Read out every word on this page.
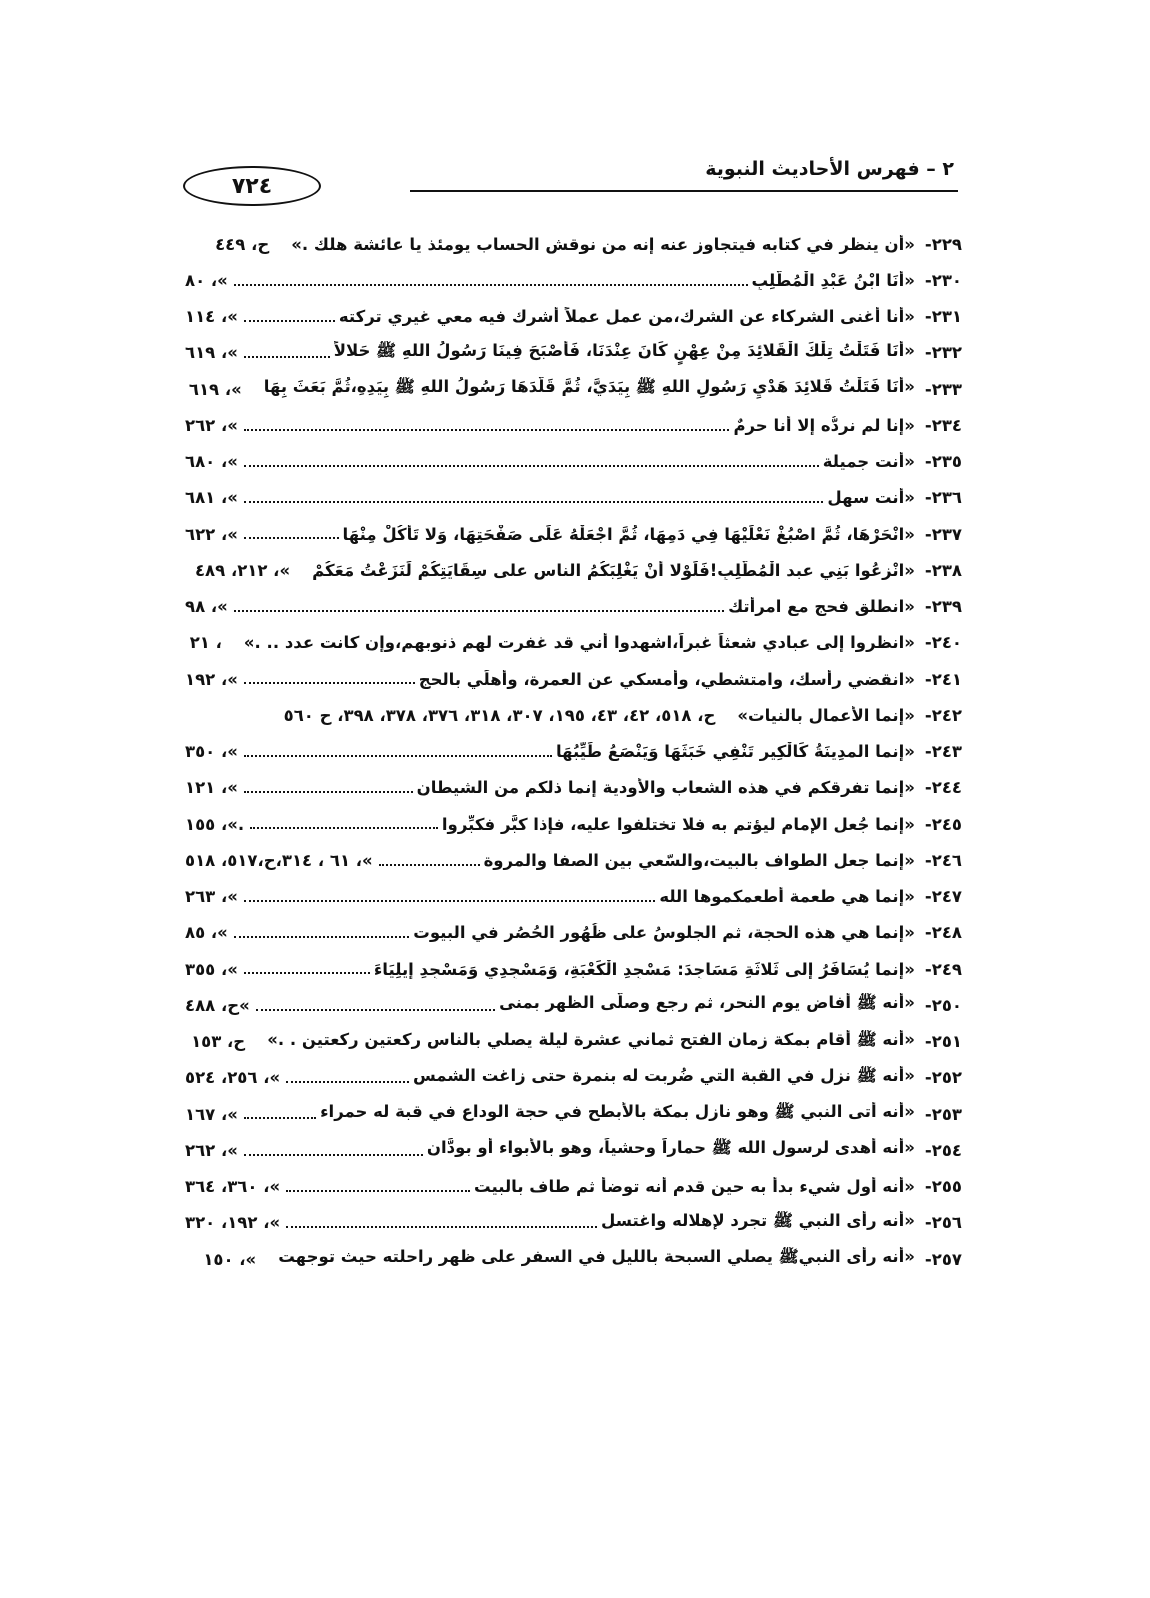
٢ – فهرس الأحاديث النبوية
٧٢٤
٢٢٩-
«أن ينظر في كتابه فيتجاوز عنه إنه من نوقش الحساب يومئذ يا عائشة هلك .»
ح، ٤٤٩
٢٣٠-
«أَنَا ابْنُ عَبْدِ الْمُطَّلِبِ
»، ٨٠
٢٣١-
«أنا أغنى الشركاء عن الشرك،من عمل عملاً أشرك فيه معي غيري تركته
»، ١١٤
٢٣٢-
«أَنَا فَتَلْتُ تِلْكَ الْقَلائِدَ مِنْ عِهْنٍ كَانَ عِنْدَنَا، فَأَصْبَحَ فِينَا رَسُولُ اللهِ ﷺ حَلالاً
»، ٦١٩
٢٣٣-
«أَنَا فَتَلْتُ قَلائِدَ هَدْيِ رَسُولِ اللهِ ﷺ بِيَدَيَّ، ثُمَّ قَلَّدَهَا رَسُولُ اللهِ ﷺ بِيَدِهِ،ثُمَّ بَعَثَ بِهَا
»، ٦١٩
٢٣٤-
«إنا لم نردُّه إلا أنا حرمٌ
»، ٢٦٢
٢٣٥-
«أنت جميلة
»، ٦٨٠
٢٣٦-
«أنت سهل
»، ٦٨١
٢٣٧-
«انْحَرْهَا، ثُمَّ اصْبُغْ نَعْلَيْهَا فِي دَمِهَا، ثُمَّ اجْعَلْهُ عَلَى صَفْحَتِهَا، وَلا تَأْكُلْ مِنْهَا
»، ٦٢٢
٢٣٨-
«انْزِعُوا بَنِي عبد الْمُطَّلِبِ!فَلَوْلا أَنْ يَغْلِبَكُمُ الناس على سِقَايَتِكُمْ لَنَزَعْتُ مَعَكُمْ
»، ٢١٢، ٤٨٩
٢٣٩-
«انطلق فحج مع امرأتك
»، ٩٨
٢٤٠-
«انظروا إلى عبادي شعثاً غبراً،اشهدوا أني قد غفرت لهم ذنوبهم،وإن كانت عدد .. .»
، ٢١
٢٤١-
«انقضي رأسك، وامتشطي، وأمسكي عن العمرة، وأهلِّي بالحج
»، ١٩٢
٢٤٢-
«إنما الأعمال بالنيات»
ح، ٥١٨، ٤٢، ٤٣، ١٩٥، ٣٠٧، ٣١٨، ٣٧٦، ٣٧٨، ٣٩٨، ح ٥٦٠
٢٤٣-
«إنما المدِينَةُ كَالْكِيرِ تَنْفِي خَبَثَهَا وَيَنْصَعُ طَيِّبُهَا
»، ٣٥٠
٢٤٤-
«إنما تفرقكم في هذه الشعاب والأودية إنما ذلكم من الشيطان
»، ١٢١
٢٤٥-
«إنما جُعل الإمام ليؤتم به فلا تختلفوا عليه، فإذا كبَّر فكبِّروا
.»، ١٥٥
٢٤٦-
«إنما جعل الطواف بالبيت،والسّعي بين الصفا والمروة
»، ٦١ ، ٣١٤،ح،٥١٧، ٥١٨
٢٤٧-
«إنما هي طعمة أطعمكموها الله
»، ٢٦٣
٢٤٨-
«إنما هي هذه الحجة، ثم الجلوسُ على ظُهُور الحُصُر في البيوت
»، ٨٥
٢٤٩-
«إنما يُسَافَرُ إلى ثَلاثَةِ مَسَاجِدَ: مَسْجِدِ الْكَعْبَةِ، وَمَسْجِدِي وَمَسْجِدِ إِيلِيَاءَ
»، ٣٥٥
٢٥٠-
«أنه ﷺ أفاض يوم النحر، ثم رجع وصلَّى الظهر بمنى
»ح، ٤٨٨
٢٥١-
«أنه ﷺ أقام بمكة زمان الفتح ثماني عشرة ليلة يصلي بالناس ركعتين ركعتين . .»
ح، ١٥٣
٢٥٢-
«أنه ﷺ نزل في القبة التي ضُربت له بنمرة حتى زاغت الشمس
»، ٢٥٦، ٥٢٤
٢٥٣-
«أنه أتى النبي ﷺ وهو نازل بمكة بالأبطح في حجة الوداع في قبة له حمراء
»، ١٦٧
٢٥٤-
«أنه أهدى لرسول الله ﷺ حماراً وحشياً، وهو بالأبواء أو بودَّان
»، ٢٦٢
٢٥٥-
«أنه أول شيء بدأ به حين قدم أنه توضأ ثم طاف بالبيت
»، ٣٦٠، ٣٦٤
٢٥٦-
«أنه رأى النبي ﷺ تجرد لإهلاله واغتسل
»، ١٩٢، ٣٢٠
٢٥٧-
«أنه رأى النبيﷺ يصلي السبحة بالليل في السفر على ظهر راحلته حيث توجهت
»، ١٥٠
